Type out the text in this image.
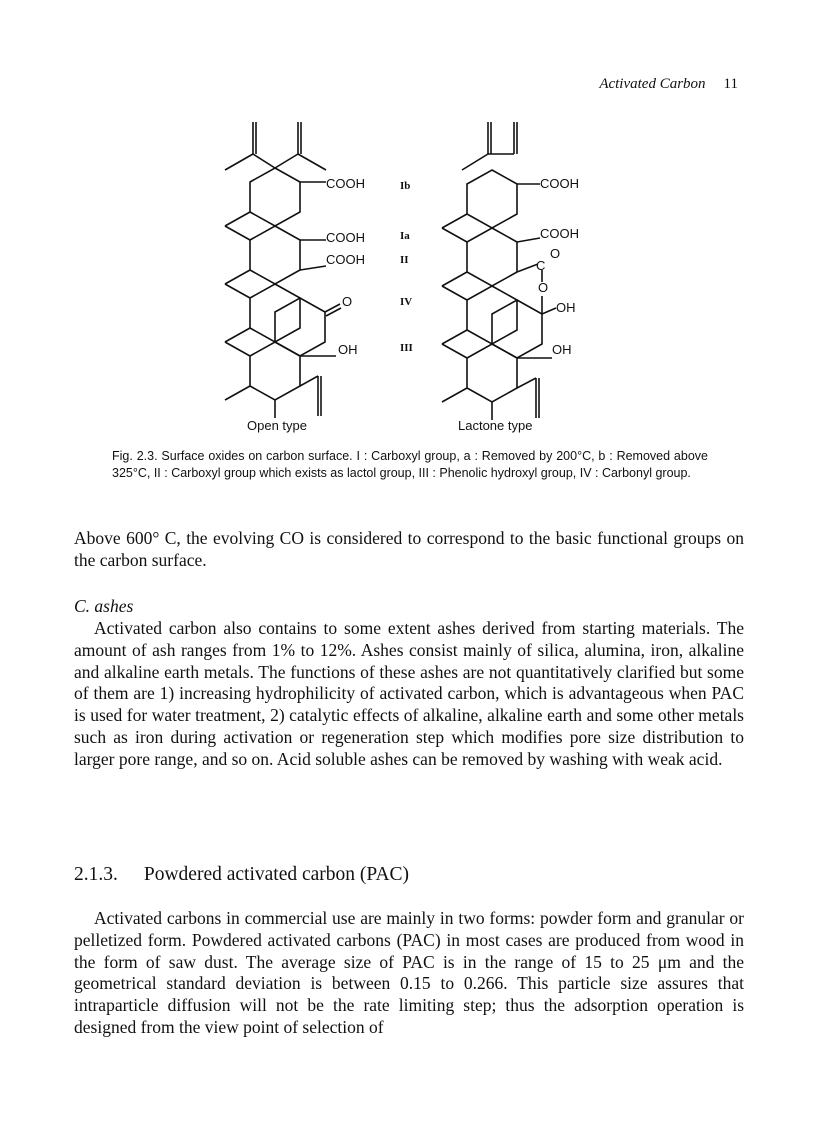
Activated Carbon 11
COOH
COOH
COOH
O
OH
Ib
Ia
II
IV
III
COOH
COOH
C
O
O
OH
OH
Open type	Lactone type
Fig. 2.3. Surface oxides on carbon surface. I : Carboxyl group, a : Removed by 200°C, b : Removed above 325°C, II : Carboxyl group which exists as lactol group, III : Phenolic hydroxyl group, IV : Carbonyl group.

Above 600° C, the evolving CO is considered to correspond to the basic functional groups on the carbon surface.

C. ashes

Activated carbon also contains to some extent ashes derived from starting materials. The amount of ash ranges from 1% to 12%. Ashes consist mainly of silica, alumina, iron, alkaline and alkaline earth metals. The functions of these ashes are not quantitatively clarified but some of them are 1) increasing hydrophilicity of activated carbon, which is advantageous when PAC is used for water treatment, 2) catalytic effects of alkaline, alkaline earth and some other metals such as iron during activation or regeneration step which modifies pore size distribution to larger pore range, and so on. Acid soluble ashes can be removed by washing with weak acid.

2.1.3. Powdered activated carbon (PAC)

Activated carbons in commercial use are mainly in two forms: powder form and granular or pelletized form. Powdered activated carbons (PAC) in most cases are produced from wood in the form of saw dust. The average size of PAC is in the range of 15 to 25 μm and the geometrical standard deviation is between 0.15 to 0.266. This particle size assures that intraparticle diffusion will not be the rate limiting step; thus the adsorption operation is designed from the view point of selection of
